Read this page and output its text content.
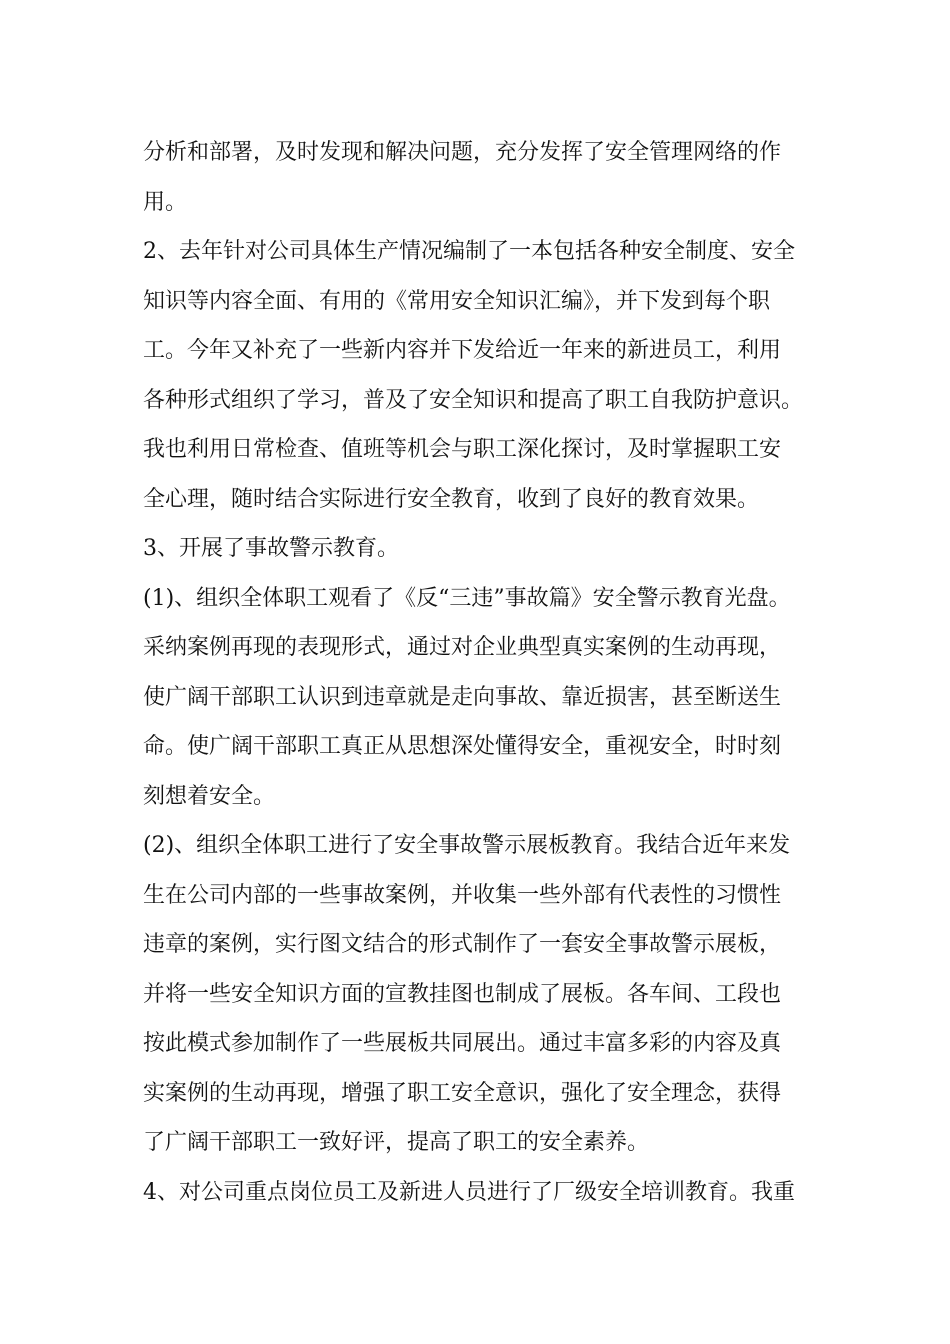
分析和部署，及时发现和解决问题，充分发挥了安全管理网络的作
用。
2、去年针对公司具体生产情况编制了一本包括各种安全制度、安全
知识等内容全面、有用的《常用安全知识汇编》，并下发到每个职
工。今年又补充了一些新内容并下发给近一年来的新进员工，利用
各种形式组织了学习，普及了安全知识和提高了职工自我防护意识。
我也利用日常检查、值班等机会与职工深化探讨，及时掌握职工安
全心理，随时结合实际进行安全教育，收到了良好的教育效果。
3、开展了事故警示教育。
(1)、组织全体职工观看了《反“三违”事故篇》安全警示教育光盘。
采纳案例再现的表现形式，通过对企业典型真实案例的生动再现，
使广阔干部职工认识到违章就是走向事故、靠近损害，甚至断送生
命。使广阔干部职工真正从思想深处懂得安全，重视安全，时时刻
刻想着安全。
(2)、组织全体职工进行了安全事故警示展板教育。我结合近年来发
生在公司内部的一些事故案例，并收集一些外部有代表性的习惯性
违章的案例，实行图文结合的形式制作了一套安全事故警示展板，
并将一些安全知识方面的宣教挂图也制成了展板。各车间、工段也
按此模式参加制作了一些展板共同展出。通过丰富多彩的内容及真
实案例的生动再现，增强了职工安全意识，强化了安全理念，获得
了广阔干部职工一致好评，提高了职工的安全素养。
4、对公司重点岗位员工及新进人员进行了厂级安全培训教育。我重
